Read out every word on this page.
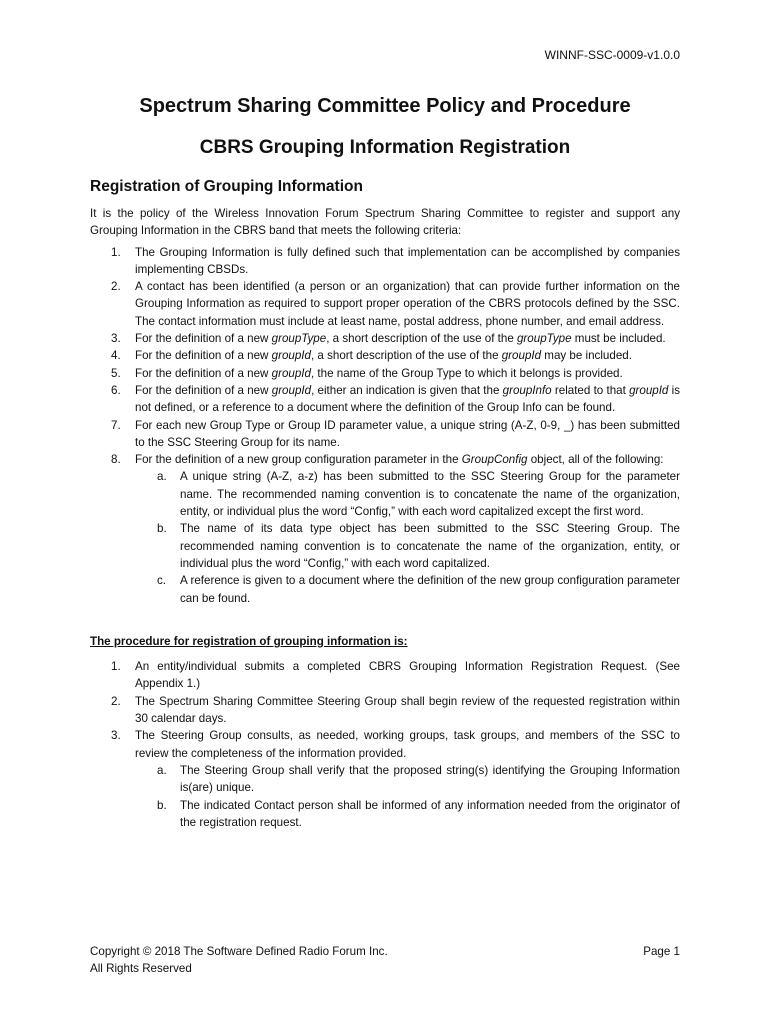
WINNF-SSC-0009-v1.0.0
Spectrum Sharing Committee Policy and Procedure
CBRS Grouping Information Registration
Registration of Grouping Information

It is the policy of the Wireless Innovation Forum Spectrum Sharing Committee to register and support any Grouping Information in the CBRS band that meets the following criteria:

1. The Grouping Information is fully defined such that implementation can be accomplished by companies implementing CBSDs.
2. A contact has been identified (a person or an organization) that can provide further information on the Grouping Information as required to support proper operation of the CBRS protocols defined by the SSC. The contact information must include at least name, postal address, phone number, and email address.
3. For the definition of a new groupType, a short description of the use of the groupType must be included.
4. For the definition of a new groupId, a short description of the use of the groupId may be included.
5. For the definition of a new groupId, the name of the Group Type to which it belongs is provided.
6. For the definition of a new groupId, either an indication is given that the groupInfo related to that groupId is not defined, or a reference to a document where the definition of the Group Info can be found.
7. For each new Group Type or Group ID parameter value, a unique string (A-Z, 0-9, _) has been submitted to the SSC Steering Group for its name.
8. For the definition of a new group configuration parameter in the GroupConfig object, all of the following:
a. A unique string (A-Z, a-z) has been submitted to the SSC Steering Group for the parameter name. The recommended naming convention is to concatenate the name of the organization, entity, or individual plus the word “Config,” with each word capitalized except the first word.
b. The name of its data type object has been submitted to the SSC Steering Group. The recommended naming convention is to concatenate the name of the organization, entity, or individual plus the word “Config,” with each word capitalized.
c. A reference is given to a document where the definition of the new group configuration parameter can be found.

The procedure for registration of grouping information is:

1. An entity/individual submits a completed CBRS Grouping Information Registration Request. (See Appendix 1.)
2. The Spectrum Sharing Committee Steering Group shall begin review of the requested registration within 30 calendar days.
3. The Steering Group consults, as needed, working groups, task groups, and members of the SSC to review the completeness of the information provided.
a. The Steering Group shall verify that the proposed string(s) identifying the Grouping Information is(are) unique.
b. The indicated Contact person shall be informed of any information needed from the originator of the registration request.
Copyright © 2018 The Software Defined Radio Forum Inc.
All Rights Reserved
Page 1
